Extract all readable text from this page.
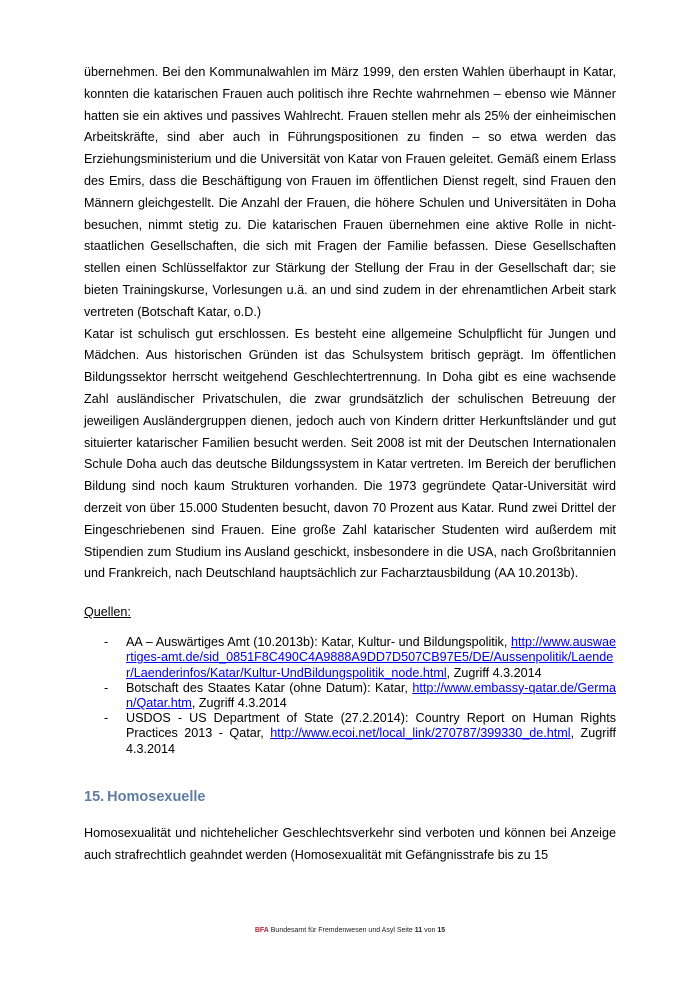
übernehmen. Bei den Kommunalwahlen im März 1999, den ersten Wahlen überhaupt in Katar, konnten die katarischen Frauen auch politisch ihre Rechte wahrnehmen – ebenso wie Männer hatten sie ein aktives und passives Wahlrecht. Frauen stellen mehr als 25% der einheimischen Arbeitskräfte, sind aber auch in Führungspositionen zu finden – so etwa werden das Erziehungsministerium und die Universität von Katar von Frauen geleitet. Gemäß einem Erlass des Emirs, dass die Beschäftigung von Frauen im öffentlichen Dienst regelt, sind Frauen den Männern gleichgestellt. Die Anzahl der Frauen, die höhere Schulen und Universitäten in Doha besuchen, nimmt stetig zu. Die katarischen Frauen übernehmen eine aktive Rolle in nicht-staatlichen Gesellschaften, die sich mit Fragen der Familie befassen. Diese Gesellschaften stellen einen Schlüsselfaktor zur Stärkung der Stellung der Frau in der Gesellschaft dar; sie bieten Trainingskurse, Vorlesungen u.ä. an und sind zudem in der ehrenamtlichen Arbeit stark vertreten (Botschaft Katar, o.D.)

Katar ist schulisch gut erschlossen. Es besteht eine allgemeine Schulpflicht für Jungen und Mädchen. Aus historischen Gründen ist das Schulsystem britisch geprägt. Im öffentlichen Bildungssektor herrscht weitgehend Geschlechtertrennung. In Doha gibt es eine wachsende Zahl ausländischer Privatschulen, die zwar grundsätzlich der schulischen Betreuung der jeweiligen Ausländergruppen dienen, jedoch auch von Kindern dritter Herkunftsländer und gut situierter katarischer Familien besucht werden. Seit 2008 ist mit der Deutschen Internationalen Schule Doha auch das deutsche Bildungssystem in Katar vertreten. Im Bereich der beruflichen Bildung sind noch kaum Strukturen vorhanden. Die 1973 gegründete Qatar-Universität wird derzeit von über 15.000 Studenten besucht, davon 70 Prozent aus Katar. Rund zwei Drittel der Eingeschriebenen sind Frauen. Eine große Zahl katarischer Studenten wird außerdem mit Stipendien zum Studium ins Ausland geschickt, insbesondere in die USA, nach Großbritannien und Frankreich, nach Deutschland hauptsächlich zur Facharztausbildung (AA 10.2013b).

Quellen:
- AA – Auswärtiges Amt (10.2013b): Katar, Kultur- und Bildungspolitik, http://www.auswaertiges-amt.de/sid_0851F8C490C4A9888A9DD7D507CB97E5/DE/Aussenpolitik/Laender/Laenderinfos/Katar/Kultur-UndBildungspolitik_node.html, Zugriff 4.3.2014
- Botschaft des Staates Katar (ohne Datum): Katar, http://www.embassy-qatar.de/German/Qatar.htm, Zugriff 4.3.2014
- USDOS - US Department of State (27.2.2014): Country Report on Human Rights Practices 2013 - Qatar, http://www.ecoi.net/local_link/270787/399330_de.html, Zugriff 4.3.2014
15. Homosexuelle

Homosexualität und nichtehelicher Geschlechtsverkehr sind verboten und können bei Anzeige auch strafrechtlich geahndet werden (Homosexualität mit Gefängnisstrafe bis zu 15

BFA Bundesamt für Fremdenwesen und Asyl Seite 11 von 15
